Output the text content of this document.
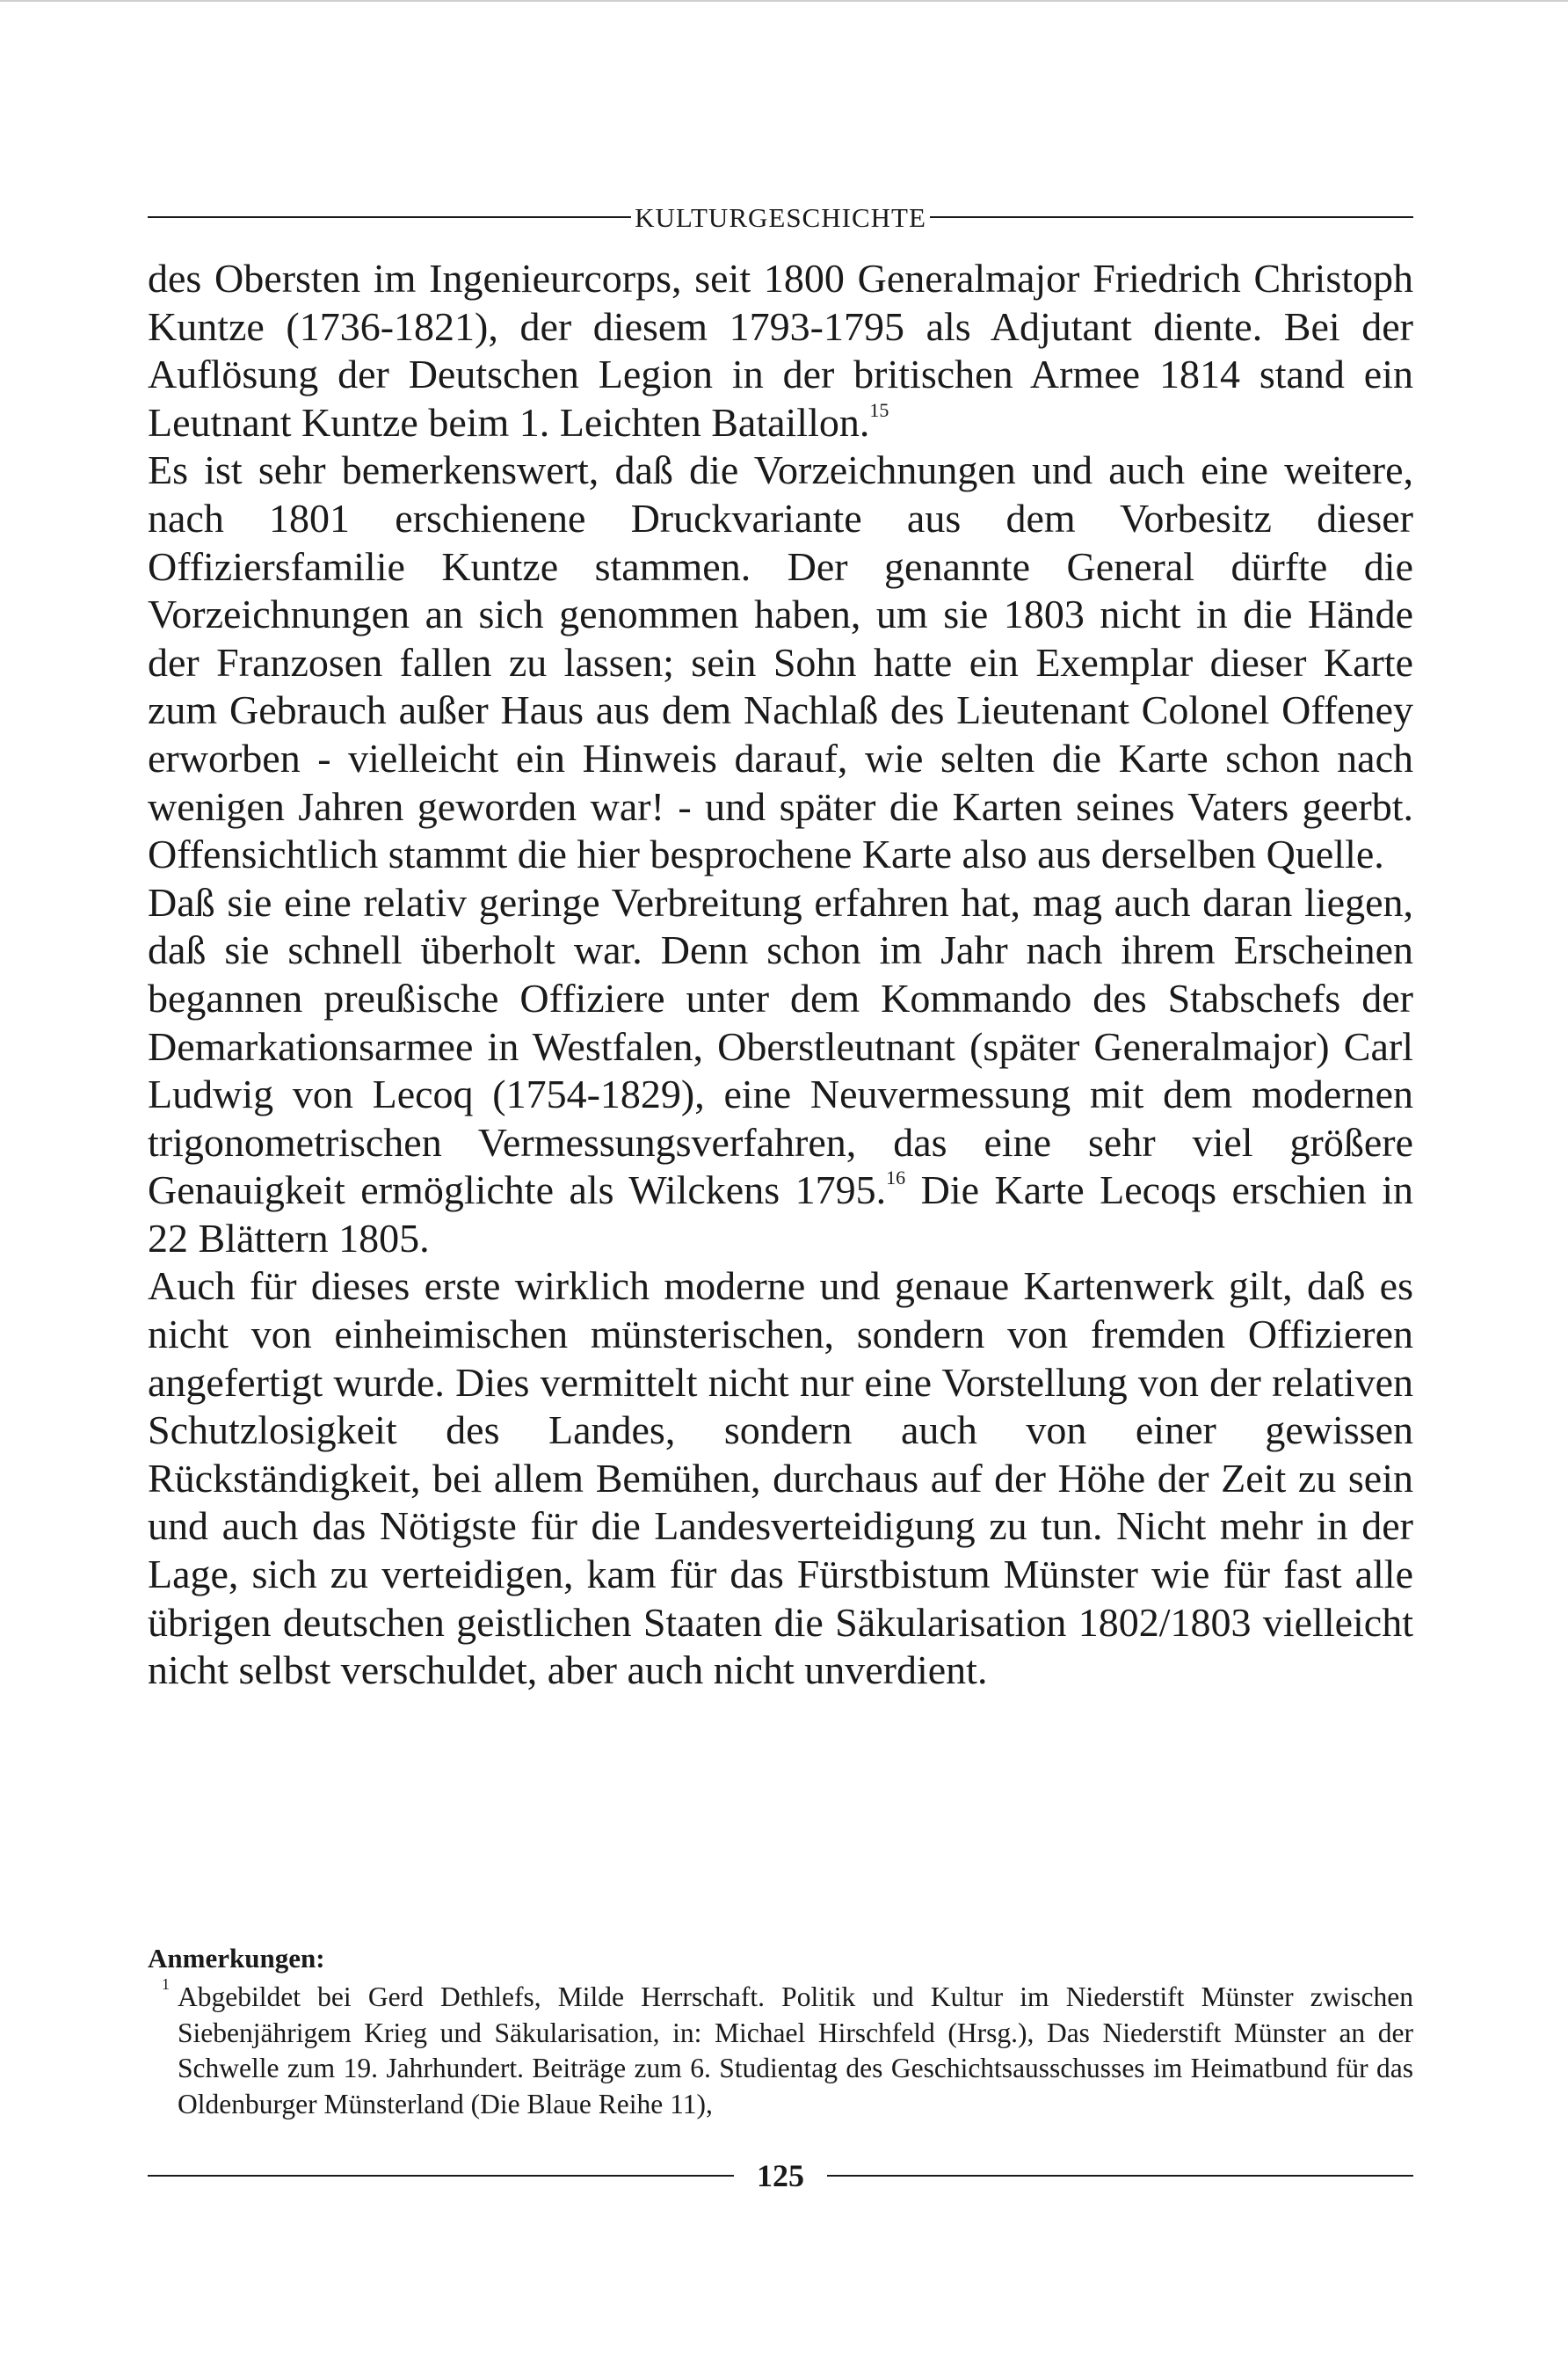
KULTURGESCHICHTE

des Obersten im Ingenieurcorps, seit 1800 Generalmajor Friedrich Christoph Kuntze (1736-1821), der diesem 1793-1795 als Adjutant diente. Bei der Auflösung der Deutschen Legion in der britischen Armee 1814 stand ein Leutnant Kuntze beim 1. Leichten Bataillon.$^{15}$

Es ist sehr bemerkenswert, daß die Vorzeichnungen und auch eine weitere, nach 1801 erschienene Druckvariante aus dem Vorbesitz dieser Offiziersfamilie Kuntze stammen. Der genannte General dürfte die Vorzeichnungen an sich genommen haben, um sie 1803 nicht in die Hände der Franzosen fallen zu lassen; sein Sohn hatte ein Exemplar dieser Karte zum Gebrauch außer Haus aus dem Nachlaß des Lieutenant Colonel Offeney erworben - vielleicht ein Hinweis darauf, wie selten die Karte schon nach wenigen Jahren geworden war! - und später die Karten seines Vaters geerbt. Offensichtlich stammt die hier besprochene Karte also aus derselben Quelle.

Daß sie eine relativ geringe Verbreitung erfahren hat, mag auch daran liegen, daß sie schnell überholt war. Denn schon im Jahr nach ihrem Erscheinen begannen preußische Offiziere unter dem Kommando des Stabschefs der Demarkationsarmee in Westfalen, Oberstleutnant (später Generalmajor) Carl Ludwig von Lecoq (1754-1829), eine Neuvermessung mit dem modernen trigonometrischen Vermessungsverfahren, das eine sehr viel größere Genauigkeit ermöglichte als Wilckens 1795.16 Die Karte Lecoqs erschien in 22 Blättern 1805.

Auch für dieses erste wirklich moderne und genaue Kartenwerk gilt, daß es nicht von einheimischen münsterischen, sondern von fremden Offizieren angefertigt wurde. Dies vermittelt nicht nur eine Vorstellung von der relativen Schutzlosigkeit des Landes, sondern auch von einer gewissen Rückständigkeit, bei allem Bemühen, durchaus auf der Höhe der Zeit zu sein und auch das Nötigste für die Landesverteidigung zu tun. Nicht mehr in der Lage, sich zu verteidigen, kam für das Fürstbistum Münster wie für fast alle übrigen deutschen geistlichen Staaten die Säkularisation 1802/1803 vielleicht nicht selbst verschuldet, aber auch nicht unverdient.

Anmerkungen:
1 Abgebildet bei Gerd Dethlefs, Milde Herrschaft. Politik und Kultur im Niederstift Münster zwischen Siebenjährigem Krieg und Säkularisation, in: Michael Hirschfeld (Hrsg.), Das Niederstift Münster an der Schwelle zum 19. Jahrhundert. Beiträge zum 6. Studientag des Geschichtsausschusses im Heimatbund für das Oldenburger Münsterland (Die Blaue Reihe 11),
125
